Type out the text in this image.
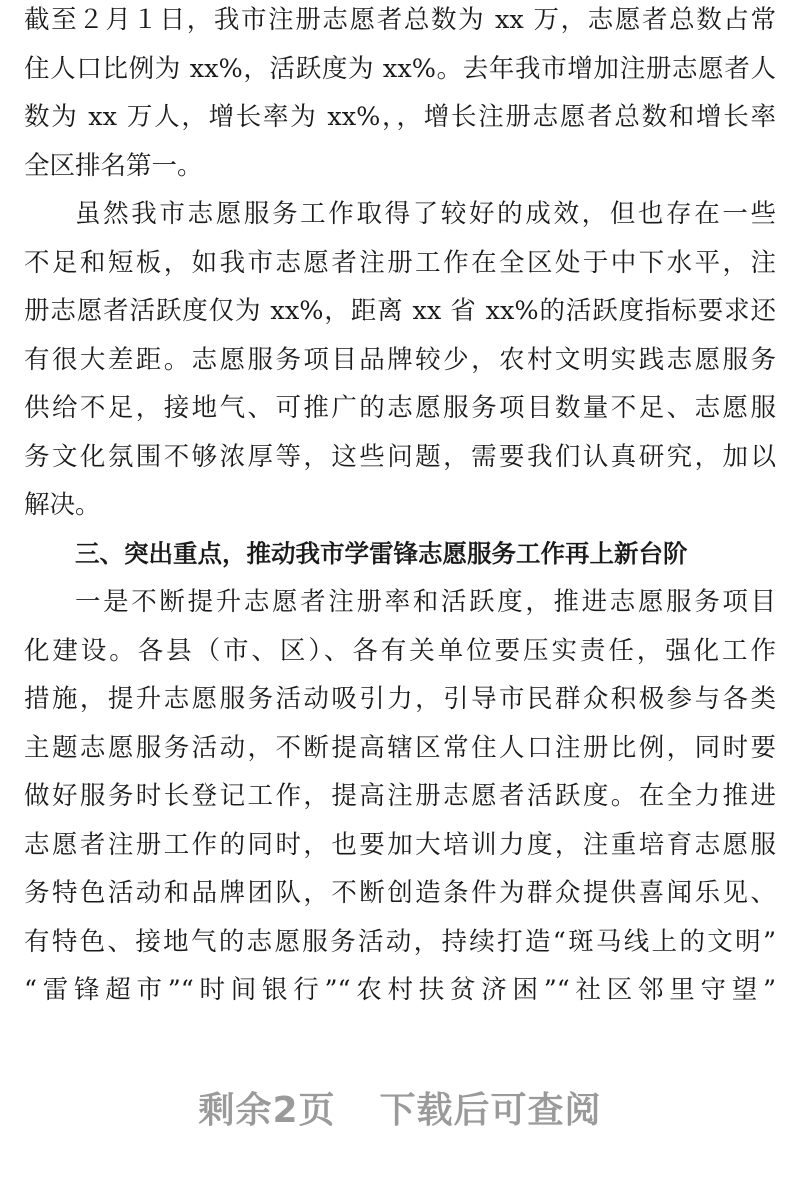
截至２月１日，我市注册志愿者总数为 xx 万，志愿者总数占常
住人口比例为 xx%，活跃度为 xx%。去年我市增加注册志愿者人
数为 xx 万人，增长率为 xx%，，增长注册志愿者总数和增长率
全区排名第一。
虽然我市志愿服务工作取得了较好的成效，但也存在一些
不足和短板，如我市志愿者注册工作在全区处于中下水平，注
册志愿者活跃度仅为 xx%，距离 xx 省 xx%的活跃度指标要求还
有很大差距。志愿服务项目品牌较少，农村文明实践志愿服务
供给不足，接地气、可推广的志愿服务项目数量不足、志愿服
务文化氛围不够浓厚等，这些问题，需要我们认真研究，加以
解决。
三、突出重点，推动我市学雷锋志愿服务工作再上新台阶
一是不断提升志愿者注册率和活跃度，推进志愿服务项目
化建设。各县（市、区）、各有关单位要压实责任，强化工作
措施，提升志愿服务活动吸引力，引导市民群众积极参与各类
主题志愿服务活动，不断提高辖区常住人口注册比例，同时要
做好服务时长登记工作，提高注册志愿者活跃度。在全力推进
志愿者注册工作的同时，也要加大培训力度，注重培育志愿服
务特色活动和品牌团队，不断创造条件为群众提供喜闻乐见、
有特色、接地气的志愿服务活动，持续打造“斑马线上的文明”
“雷锋超市”“时间银行”“农村扶贫济困”“社区邻里守望”
剩余2页 下载后可查阅
